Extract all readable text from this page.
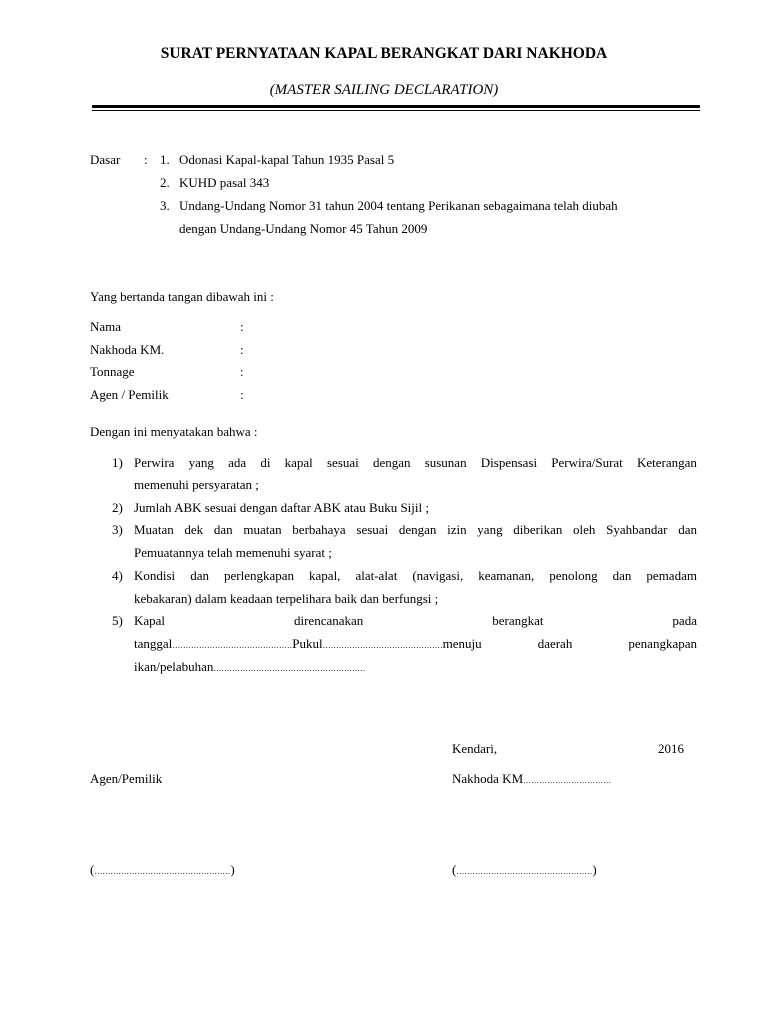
SURAT PERNYATAAN KAPAL BERANGKAT DARI NAKHODA
(MASTER SAILING DECLARATION)
Dasar : 1. Odonasi Kapal-kapal Tahun 1935 Pasal 5
2. KUHD pasal 343
3. Undang-Undang Nomor 31 tahun 2004 tentang Perikanan sebagaimana telah diubah
dengan Undang-Undang Nomor 45 Tahun 2009
Yang bertanda tangan dibawah ini :
Nama	:
Nakhoda KM.	:
Tonnage	:
Agen / Pemilik	:
Dengan ini menyatakan bahwa :
1) Perwira yang ada di kapal sesuai dengan susunan Dispensasi Perwira/Surat Keterangan
memenuhi persyaratan ;
2) Jumlah ABK sesuai dengan daftar ABK atau Buku Sijil ;
3) Muatan dek dan muatan berbahaya sesuai dengan izin yang diberikan oleh Syahbandar dan
Pemuatannya telah memenuhi syarat ;
4) Kondisi dan perlengkapan kapal, alat-alat (navigasi, keamanan, penolong dan pemadam
kebakaran) dalam keadaan terpelihara baik dan berfungsi ;
5) Kapal	direncanakan	berangkat	pada
tanggal………………………………………Pukul………………………………………menuju	daerah	penangkapan
ikan/pelabuhan…………………………………………………
Kendari,	2016
Agen/Pemilik	Nakhoda KM……………………………
(……………………………………………)	(……………………………………………)
